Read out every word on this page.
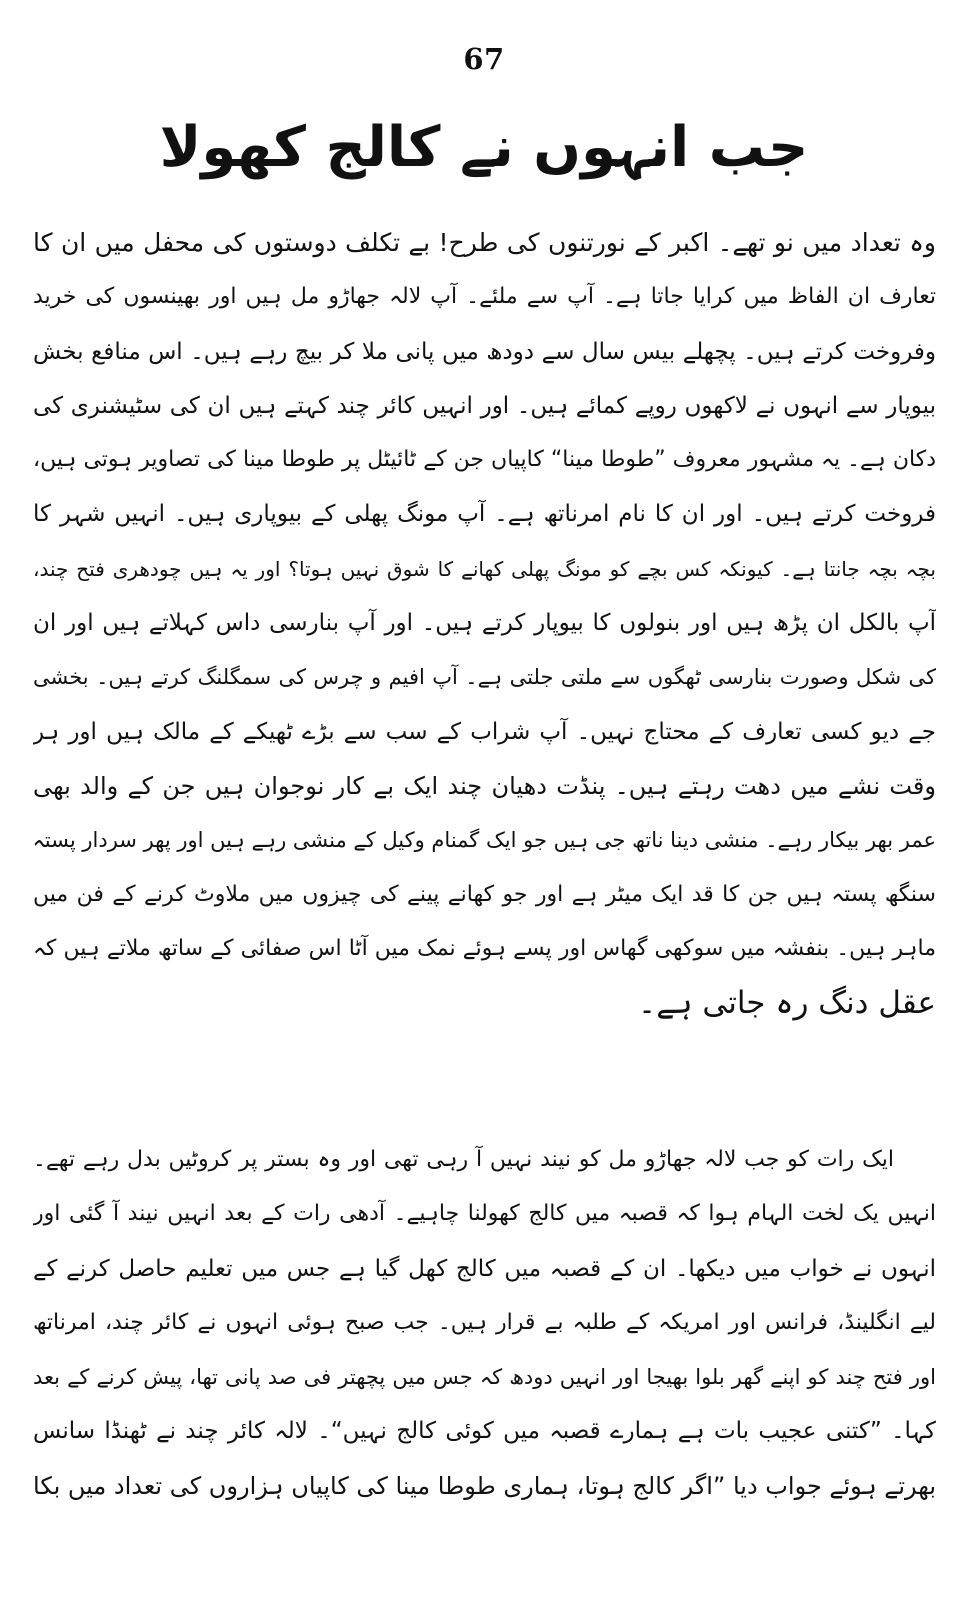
67
جب انہوں نے کالج کھولا
وہ تعداد میں نو تھے۔ اکبر کے نورتنوں کی طرح! بے تکلف دوستوں کی محفل میں ان کا
تعارف ان الفاظ میں کرایا جاتا ہے۔ آپ سے ملئے۔ آپ لالہ جھاڑو مل ہیں اور بھینسوں کی خرید
وفروخت کرتے ہیں۔ پچھلے بیس سال سے دودھ میں پانی ملا کر بیچ رہے ہیں۔ اس منافع بخش
بیوپار سے انہوں نے لاکھوں روپے کمائے ہیں۔ اور انہیں کائر چند کہتے ہیں ان کی سٹیشنری کی
دکان ہے۔ یہ مشہور معروف ”طوطا مینا“ کاپیاں جن کے ٹائیٹل پر طوطا مینا کی تصاویر ہوتی ہیں،
فروخت کرتے ہیں۔ اور ان کا نام امرناتھ ہے۔ آپ مونگ پھلی کے بیوپاری ہیں۔ انہیں شہر کا
بچہ بچہ جانتا ہے۔ کیونکہ کس بچے کو مونگ پھلی کھانے کا شوق نہیں ہوتا؟ اور یہ ہیں چودھری فتح چند،
آپ بالکل ان پڑھ ہیں اور بنولوں کا بیوپار کرتے ہیں۔ اور آپ بنارسی داس کہلاتے ہیں اور ان
کی شکل وصورت بنارسی ٹھگوں سے ملتی جلتی ہے۔ آپ افیم و چرس کی سمگلنگ کرتے ہیں۔ بخشی
جے دیو کسی تعارف کے محتاج نہیں۔ آپ شراب کے سب سے بڑے ٹھیکے کے مالک ہیں اور ہر
وقت نشے میں دھت رہتے ہیں۔ پنڈت دھیان چند ایک بے کار نوجوان ہیں جن کے والد بھی
عمر بھر بیکار رہے۔ منشی دینا ناتھ جی ہیں جو ایک گمنام وکیل کے منشی رہے ہیں اور پھر سردار پستہ
سنگھ پستہ ہیں جن کا قد ایک میٹر ہے اور جو کھانے پینے کی چیزوں میں ملاوٹ کرنے کے فن میں
ماہر ہیں۔ بنفشہ میں سوکھی گھاس اور پسے ہوئے نمک میں آٹا اس صفائی کے ساتھ ملاتے ہیں کہ
عقل دنگ رہ جاتی ہے۔
ایک رات کو جب لالہ جھاڑو مل کو نیند نہیں آ رہی تھی اور وہ بستر پر کروٹیں بدل رہے تھے۔
انہیں یک لخت الہام ہوا کہ قصبہ میں کالج کھولنا چاہیے۔ آدھی رات کے بعد انہیں نیند آ گئی اور
انہوں نے خواب میں دیکھا۔ ان کے قصبہ میں کالج کھل گیا ہے جس میں تعلیم حاصل کرنے کے
لیے انگلینڈ، فرانس اور امریکہ کے طلبہ بے قرار ہیں۔ جب صبح ہوئی انہوں نے کائر چند، امرناتھ
اور فتح چند کو اپنے گھر بلوا بھیجا اور انہیں دودھ کہ جس میں پچھتر فی صد پانی تھا، پیش کرنے کے بعد
کہا۔ ”کتنی عجیب بات ہے ہمارے قصبہ میں کوئی کالج نہیں“۔ لالہ کائر چند نے ٹھنڈا سانس
بھرتے ہوئے جواب دیا ”اگر کالج ہوتا، ہماری طوطا مینا کی کاپیاں ہزاروں کی تعداد میں بکا
